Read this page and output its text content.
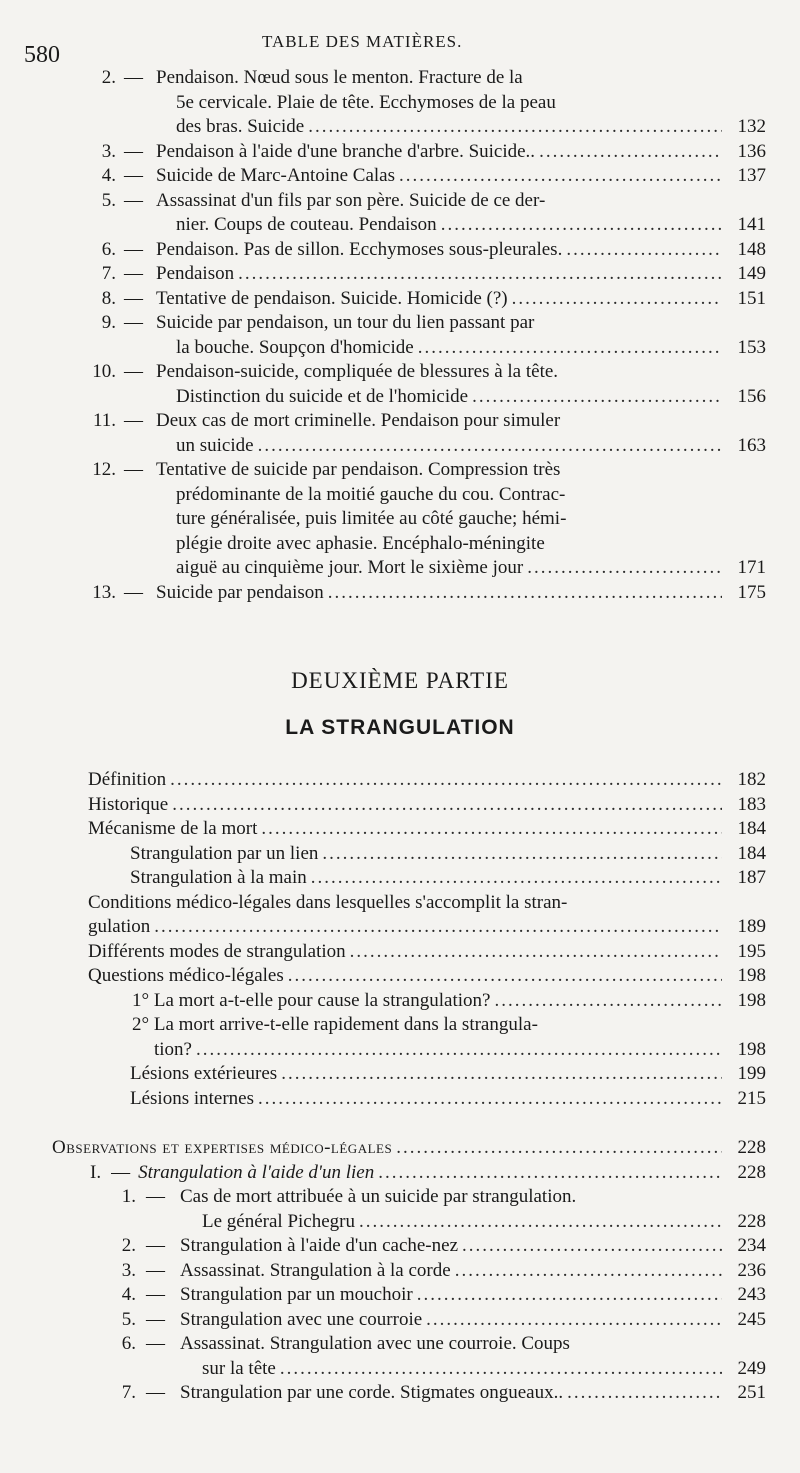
580
TABLE DES MATIÈRES.
2. — Pendaison. Nœud sous le menton. Fracture de la
5e cervicale. Plaie de tête. Ecchymoses de la peau
des bras. Suicide .....	132
3. — Pendaison à l'aide d'une branche d'arbre. Suicide.. .....	136
4. — Suicide de Marc-Antoine Calas .....	137
5. — Assassinat d'un fils par son père. Suicide de ce der-
nier. Coups de couteau. Pendaison .....	141
6. — Pendaison. Pas de sillon. Ecchymoses sous-pleurales. .....	148
7. — Pendaison .....	149
8. — Tentative de pendaison. Suicide. Homicide (?) .....	151
9. — Suicide par pendaison, un tour du lien passant par
la bouche. Soupçon d'homicide .....	153
10. — Pendaison-suicide, compliquée de blessures à la tête.
Distinction du suicide et de l'homicide .....	156
11. — Deux cas de mort criminelle. Pendaison pour simuler
un suicide .....	163
12. — Tentative de suicide par pendaison. Compression très
prédominante de la moitié gauche du cou. Contrac-
ture généralisée, puis limitée au côté gauche; hémi-
plégie droite avec aphasie. Encéphalo-méningite
aiguë au cinquième jour. Mort le sixième jour .....	171
13. — Suicide par pendaison .....	175
DEUXIÈME PARTIE
LA STRANGULATION
Définition .....	182
Historique .....	183
Mécanisme de la mort .....	184
Strangulation par un lien .....	184
Strangulation à la main .....	187
Conditions médico-légales dans lesquelles s'accomplit la stran-
gulation .....	189
Différents modes de strangulation .....	195
Questions médico-légales .....	198
1° La mort a-t-elle pour cause la strangulation? .....	198
2° La mort arrive-t-elle rapidement dans la strangula-
tion? .....	198
Lésions extérieures .....	199
Lésions internes .....	215
Observations et expertises médico-légales .....	228
I. — Strangulation à l'aide d'un lien .....	228
1. — Cas de mort attribuée à un suicide par strangulation.
Le général Pichegru .....	228
2. — Strangulation à l'aide d'un cache-nez .....	234
3. — Assassinat. Strangulation à la corde .....	236
4. — Strangulation par un mouchoir .....	243
5. — Strangulation avec une courroie .....	245
6. — Assassinat. Strangulation avec une courroie. Coups
sur la tête .....	249
7. — Strangulation par une corde. Stigmates ongueaux.. .....	251
